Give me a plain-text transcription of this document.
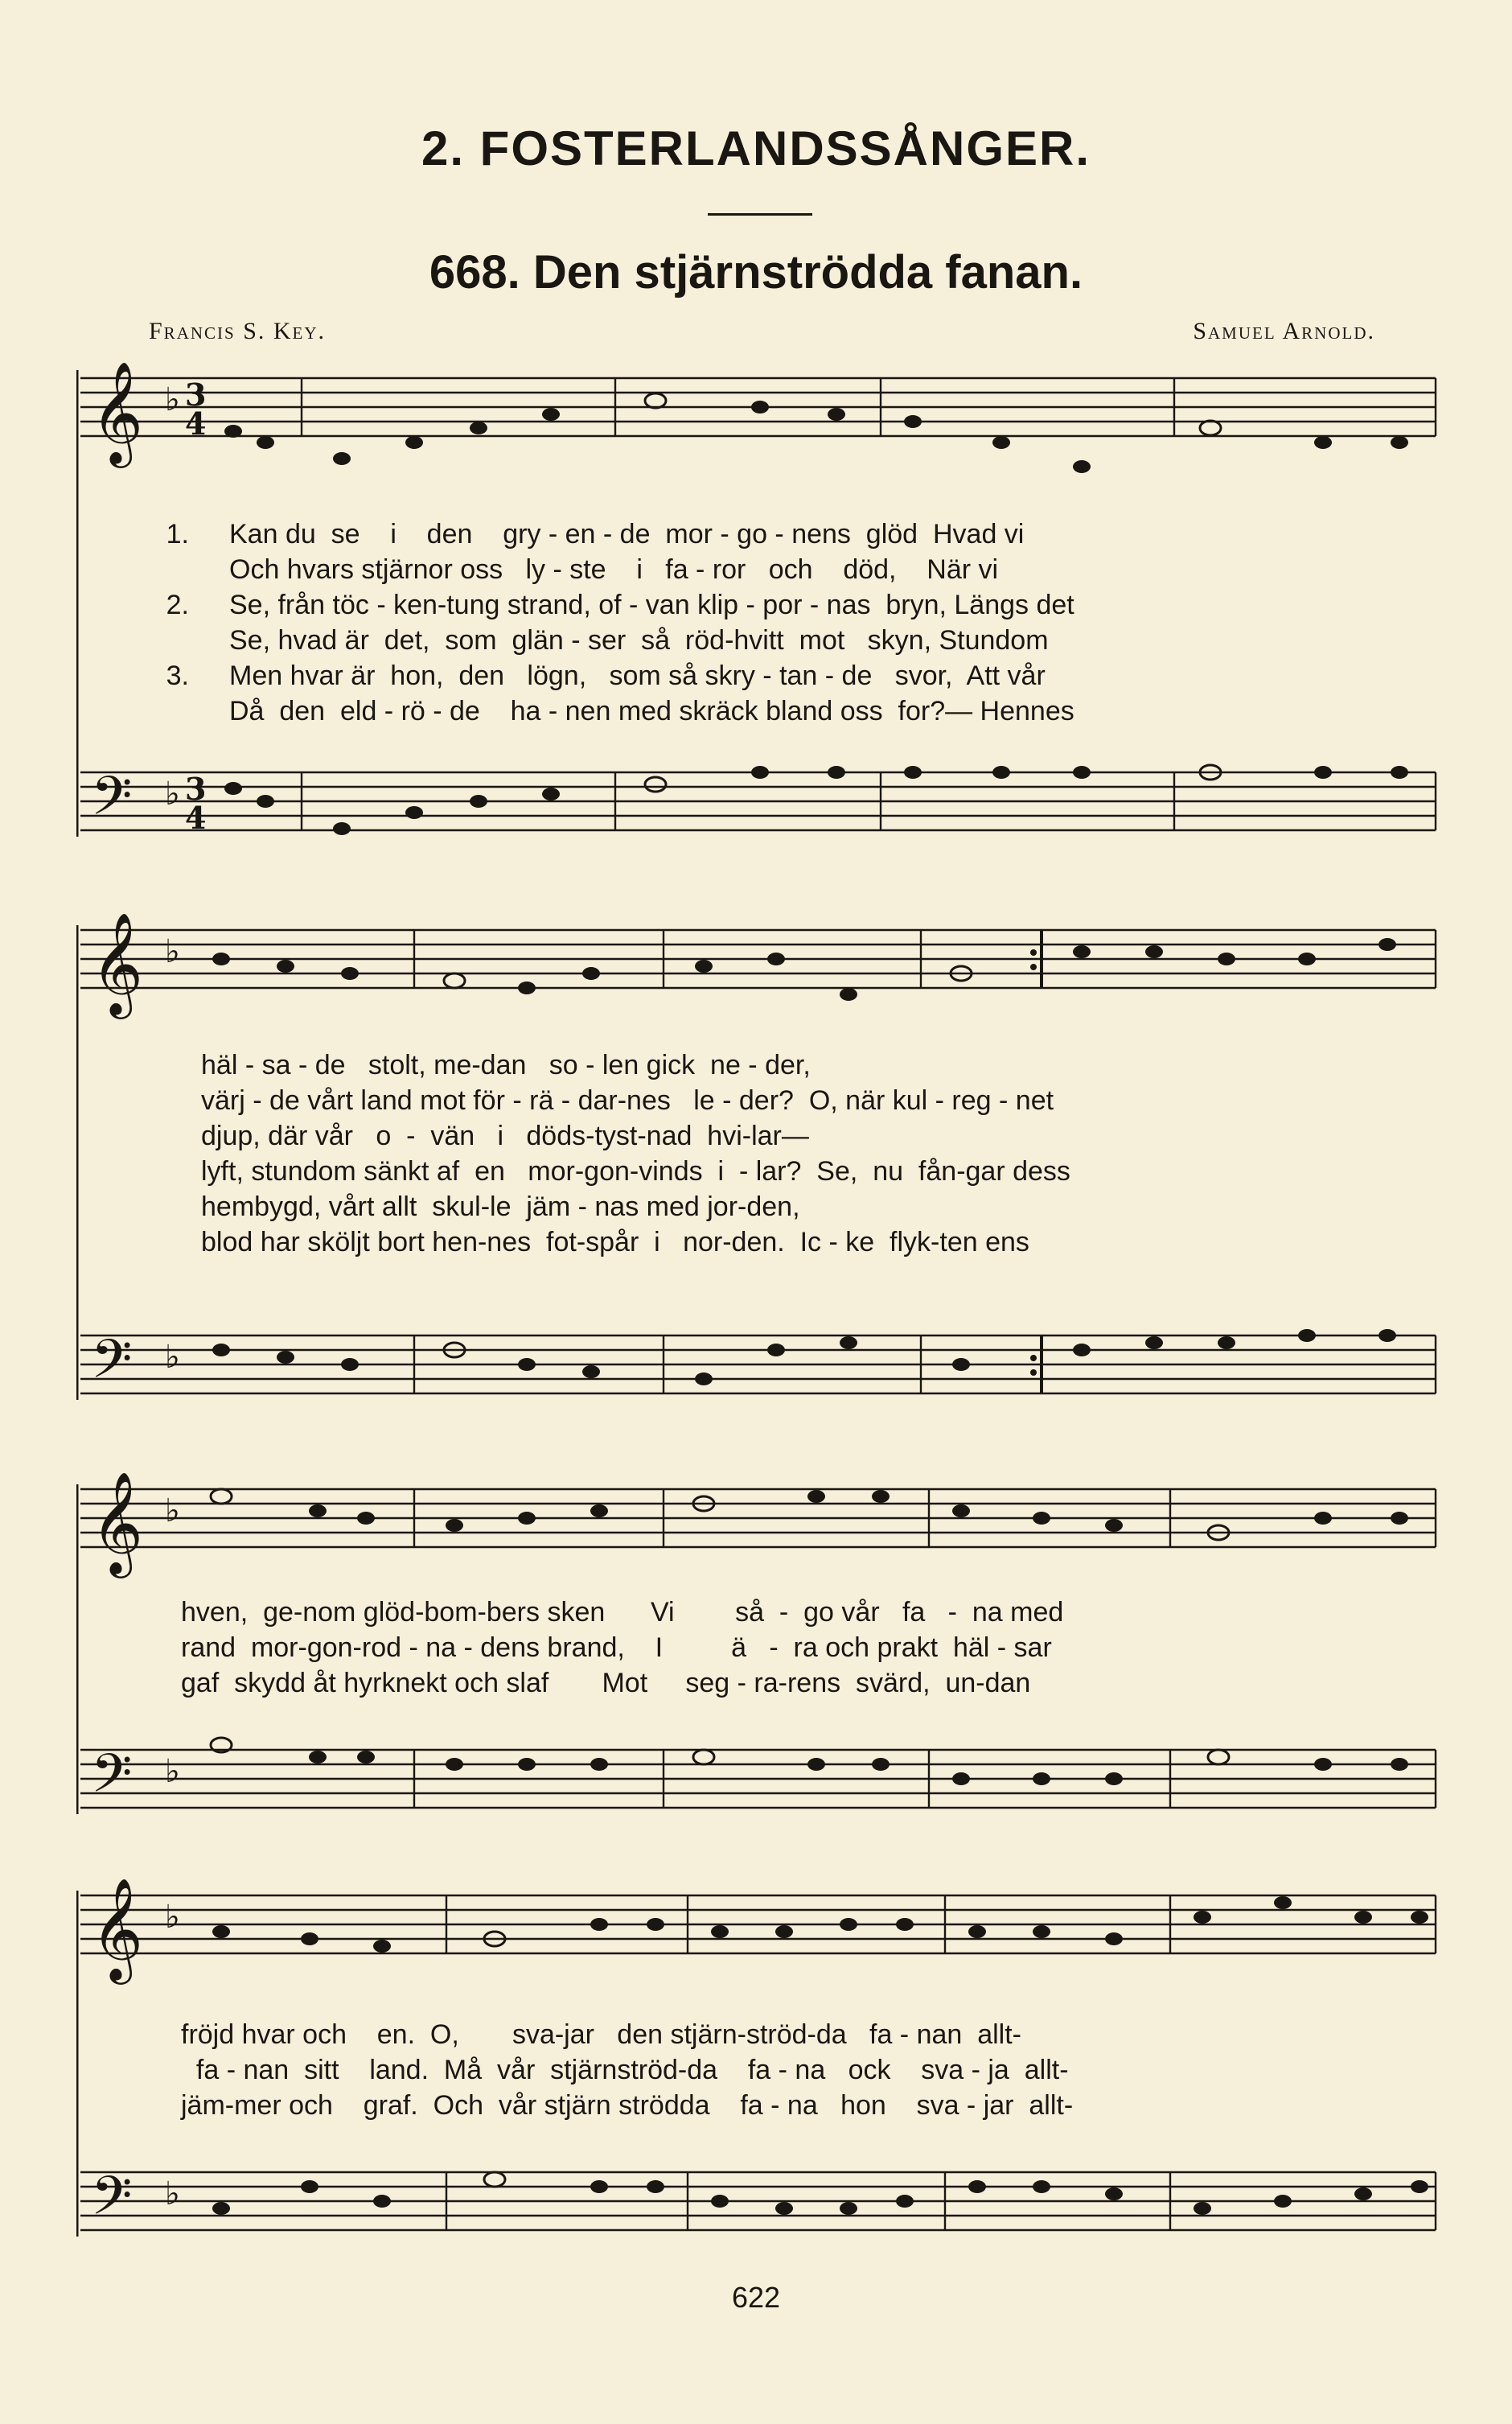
2. FOSTERLANDSSÅNGER.
668. Den stjärnströdda fanan.
Francis S. Key.	Samuel Arnold.
𝄞
𝄢
♭
♭
3
4
3
4
1. Kan du  se    i    den    gry - en - de  mor - go - nens  glöd  Hvad vi
Och hvars stjärnor oss   ly - ste    i   fa - ror   och    död,    När vi
2. Se, från töc - ken-tung strand, of - van klip - por - nas  bryn, Längs det
Se, hvad är  det,  som  glän - ser  så  röd-hvitt  mot   skyn, Stundom
3. Men hvar är  hon,  den   lögn,   som så skry - tan - de   svor,  Att vår
Då  den  eld - rö - de    ha - nen med skräck bland oss  for?— Hennes
𝄞
𝄢
♭
♭
häl - sa - de   stolt, me-dan   so - len gick  ne - der,
värj - de vårt land mot för - rä - dar-nes   le - der?  O, när kul - reg - net
djup, där vår   o  -  vän   i   döds-tyst-nad  hvi-lar—
lyft, stundom sänkt af  en   mor-gon-vinds  i  - lar?  Se,  nu  fån-gar dess
hembygd, vårt allt  skul-le  jäm - nas med jor-den,
blod har sköljt bort hen-nes  fot-spår  i   nor-den.  Ic - ke  flyk-ten ens
𝄞
𝄢
♭
♭
hven,  ge-nom glöd-bom-bers sken      Vi        så  -  go vår   fa   -  na med
rand  mor-gon-rod - na - dens brand,    I         ä   -  ra och prakt  häl - sar
gaf  skydd åt hyrknekt och slaf       Mot     seg - ra-rens  svärd,  un-dan
𝄞
𝄢
♭
♭
fröjd hvar och    en.  O,       sva-jar   den stjärn-ströd-da   fa - nan  allt-
fa - nan  sitt    land.  Må  vår  stjärnströd-da    fa - na   ock    sva - ja  allt-
jäm-mer och    graf.  Och  vår stjärn strödda    fa - na   hon    sva - jar  allt-
622
